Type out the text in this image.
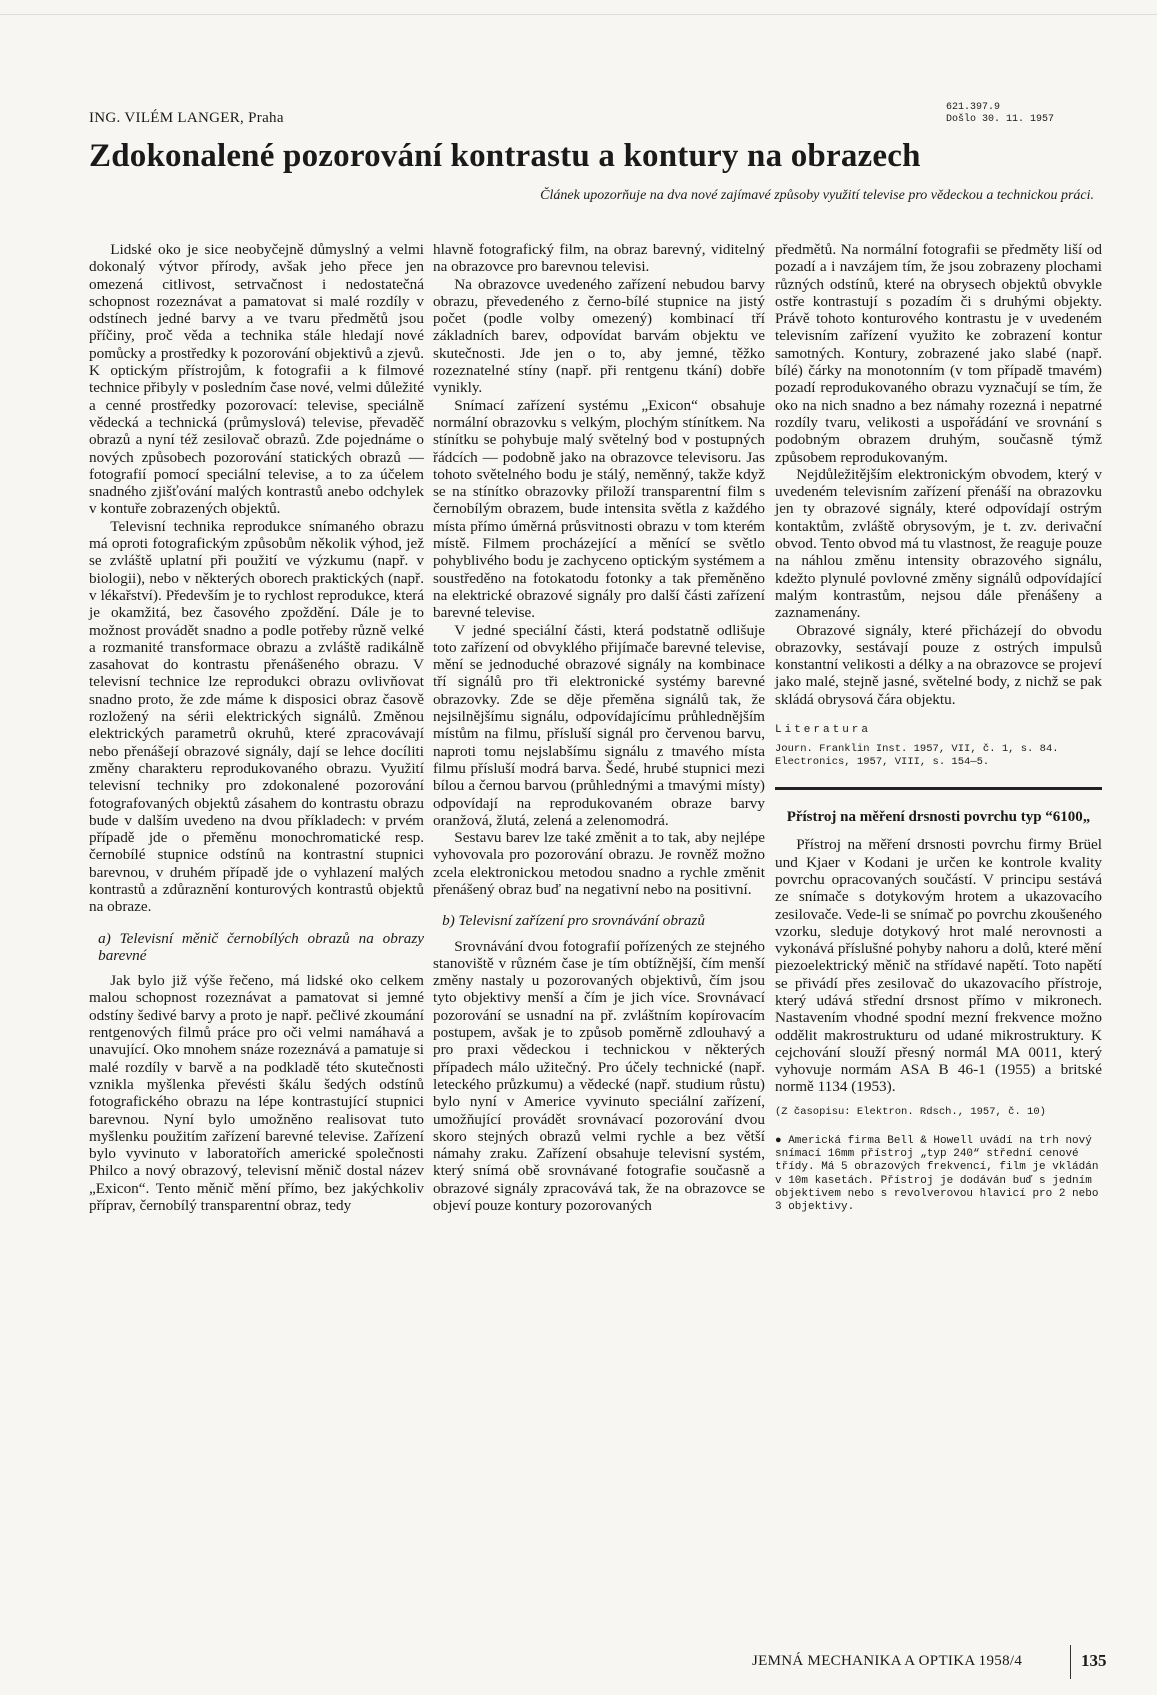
ING. VILÉM LANGER, Praha
621.397.9
Došlo 30. 11. 1957
Zdokonalené pozorování kontrastu a kontury na obrazech
Článek upozorňuje na dva nové zajímavé způsoby využití televise pro vědeckou a technickou práci.

Lidské oko je sice neobyčejně důmyslný a velmi dokonalý výtvor přírody, avšak jeho přece jen omezená citlivost, setrvačnost i nedostatečná schopnost rozeznávat a pamatovat si malé rozdíly v odstínech jedné barvy a ve tvaru předmětů jsou příčiny, proč věda a technika stále hledají nové pomůcky a prostředky k pozorování objektivů a zjevů. K optickým přístrojům, k fotografii a k filmové technice přibyly v posledním čase nové, velmi důležité a cenné prostředky pozorovací: televise, speciálně vědecká a technická (průmyslová) televise, převaděč obrazů a nyní též zesilovač obrazů. Zde pojednáme o nových způsobech pozorování statických obrazů — fotografií pomocí speciální televise, a to za účelem snadného zjišťování malých kontrastů anebo odchylek v kontuře zobrazených objektů.

Televisní technika reprodukce snímaného obrazu má oproti fotografickým způsobům několik výhod, jež se zvláště uplatní při použití ve výzkumu (např. v biologii), nebo v některých oborech praktických (např. v lékařství). Především je to rychlost reprodukce, která je okamžitá, bez časového zpoždění. Dále je to možnost provádět snadno a podle potřeby různě velké a rozmanité transformace obrazu a zvláště radikálně zasahovat do kontrastu přenášeného obrazu. V televisní technice lze reprodukci obrazu ovlivňovat snadno proto, že zde máme k disposici obraz časově rozložený na sérii elektrických signálů. Změnou elektrických parametrů okruhů, které zpracovávají nebo přenášejí obrazové signály, dají se lehce docíliti změny charakteru reprodukovaného obrazu. Využití televisní techniky pro zdokonalené pozorování fotografovaných objektů zásahem do kontrastu obrazu bude v dalším uvedeno na dvou příkladech: v prvém případě jde o přeměnu monochromatické resp. černobílé stupnice odstínů na kontrastní stupnici barevnou, v druhém případě jde o vyhlazení malých kontrastů a zdůraznění konturových kontrastů objektů na obraze.

a) Televisní měnič černobílých obrazů na obrazy barevné

Jak bylo již výše řečeno, má lidské oko celkem malou schopnost rozeznávat a pamatovat si jemné odstíny šedivé barvy a proto je např. pečlivé zkoumání rentgenových filmů práce pro oči velmi namáhavá a unavující. Oko mnohem snáze rozeznává a pamatuje si malé rozdíly v barvě a na podkladě této skutečnosti vznikla myšlenka převésti škálu šedých odstínů fotografického obrazu na lépe kontrastující stupnici barevnou. Nyní bylo umožněno realisovat tuto myšlenku použitím zařízení barevné televise. Zařízení bylo vyvinuto v laboratořích americké společnosti Philco a nový obrazový, televisní měnič dostal název „Exicon“. Tento měnič mění přímo, bez jakýchkoliv příprav, černobílý transparentní obraz, tedy

hlavně fotografický film, na obraz barevný, viditelný na obrazovce pro barevnou televisi.

Na obrazovce uvedeného zařízení nebudou barvy obrazu, převedeného z černo-bílé stupnice na jistý počet (podle volby omezený) kombinací tří základních barev, odpovídat barvám objektu ve skutečnosti. Jde jen o to, aby jemné, těžko rozeznatelné stíny (např. při rentgenu tkání) dobře vynikly.

Snímací zařízení systému „Exicon“ obsahuje normální obrazovku s velkým, plochým stínítkem. Na stínítku se pohybuje malý světelný bod v postupných řádcích — podobně jako na obrazovce televisoru. Jas tohoto světelného bodu je stálý, neměnný, takže když se na stínítko obrazovky přiloží transparentní film s černobílým obrazem, bude intensita světla z každého místa přímo úměrná průsvitnosti obrazu v tom kterém místě. Filmem procházející a měnící se světlo pohyblivého bodu je zachyceno optickým systémem a soustředěno na fotokatodu fotonky a tak přeměněno na elektrické obrazové signály pro další části zařízení barevné televise.

V jedné speciální části, která podstatně odlišuje toto zařízení od obvyklého přijímače barevné televise, mění se jednoduché obrazové signály na kombinace tří signálů pro tři elektronické systémy barevné obrazovky. Zde se děje přeměna signálů tak, že nejsilnějšímu signálu, odpovídajícímu průhlednějším místům na filmu, přísluší signál pro červenou barvu, naproti tomu nejslabšímu signálu z tmavého místa filmu přísluší modrá barva. Šedé, hrubé stupnici mezi bílou a černou barvou (průhlednými a tmavými místy) odpovídají na reprodukovaném obraze barvy oranžová, žlutá, zelená a zelenomodrá.

Sestavu barev lze také změnit a to tak, aby nejlépe vyhovovala pro pozorování obrazu. Je rovněž možno zcela elektronickou metodou snadno a rychle změnit přenášený obraz buď na negativní nebo na positivní.

b) Televisní zařízení pro srovnávání obrazů

Srovnávání dvou fotografií pořízených ze stejného stanoviště v různém čase je tím obtížnější, čím menší změny nastaly u pozorovaných objektivů, čím jsou tyto objektivy menší a čím je jich více. Srovnávací pozorování se usnadní na př. zvláštním kopírovacím postupem, avšak je to způsob poměrně zdlouhavý a pro praxi vědeckou i technickou v některých případech málo užitečný. Pro účely technické (např. leteckého průzkumu) a vědecké (např. studium růstu) bylo nyní v Americe vyvinuto speciální zařízení, umožňující provádět srovnávací pozorování dvou skoro stejných obrazů velmi rychle a bez větší námahy zraku. Zařízení obsahuje televisní systém, který snímá obě srovnávané fotografie současně a obrazové signály zpracovává tak, že na obrazovce se objeví pouze kontury pozorovaných

předmětů. Na normální fotografii se předměty liší od pozadí a i navzájem tím, že jsou zobrazeny plochami různých odstínů, které na obrysech objektů obvykle ostře kontrastují s pozadím či s druhými objekty. Právě tohoto konturového kontrastu je v uvedeném televisním zařízení využito ke zobrazení kontur samotných. Kontury, zobrazené jako slabé (např. bílé) čárky na monotonním (v tom případě tmavém) pozadí reprodukovaného obrazu vyznačují se tím, že oko na nich snadno a bez námahy rozezná i nepatrné rozdíly tvaru, velikosti a uspořádání ve srovnání s podobným obrazem druhým, současně týmž způsobem reprodukovaným.

Nejdůležitějším elektronickým obvodem, který v uvedeném televisním zařízení přenáší na obrazovku jen ty obrazové signály, které odpovídají ostrým kontaktům, zvláště obrysovým, je t. zv. derivační obvod. Tento obvod má tu vlastnost, že reaguje pouze na náhlou změnu intensity obrazového signálu, kdežto plynulé povlovné změny signálů odpovídající malým kontrastům, nejsou dále přenášeny a zaznamenány.

Obrazové signály, které přicházejí do obvodu obrazovky, sestávají pouze z ostrých impulsů konstantní velikosti a délky a na obrazovce se projeví jako malé, stejně jasné, světelné body, z nichž se pak skládá obrysová čára objektu.

Literatura
Journ. Franklin Inst. 1957, VII, č. 1, s. 84.
Electronics, 1957, VIII, s. 154—5.
Přístroj na měření drsnosti povrchu typ “6100„

Přístroj na měření drsnosti povrchu firmy Brüel und Kjaer v Kodani je určen ke kontrole kvality povrchu opracovaných součástí. V principu sestává ze snímače s dotykovým hrotem a ukazovacího zesilovače. Vede-li se snímač po povrchu zkoušeného vzorku, sleduje dotykový hrot malé nerovnosti a vykonává příslušné pohyby nahoru a dolů, které mění piezoelektrický měnič na střídavé napětí. Toto napětí se přivádí přes zesilovač do ukazovacího přístroje, který udává střední drsnost přímo v mikronech. Nastavením vhodné spodní mezní frekvence možno oddělit makrostrukturu od udané mikrostruktury. K cejchování slouží přesný normál MA 0011, který vyhovuje normám ASA B 46-1 (1955) a britské normě 1134 (1953).

(Z časopisu: Elektron. Rdsch., 1957, č. 10)
● Americká firma Bell & Howell uvádí na trh nový snímací 16mm přístroj „typ 240“ střední cenové třídy. Má 5 obrazových frekvencí, film je vkládán v 10m kasetách. Přístroj je dodáván buď s jedním objektivem nebo s revolverovou hlavicí pro 2 nebo 3 objektivy.
JEMNÁ MECHANIKA A OPTIKA 1958/4	135
